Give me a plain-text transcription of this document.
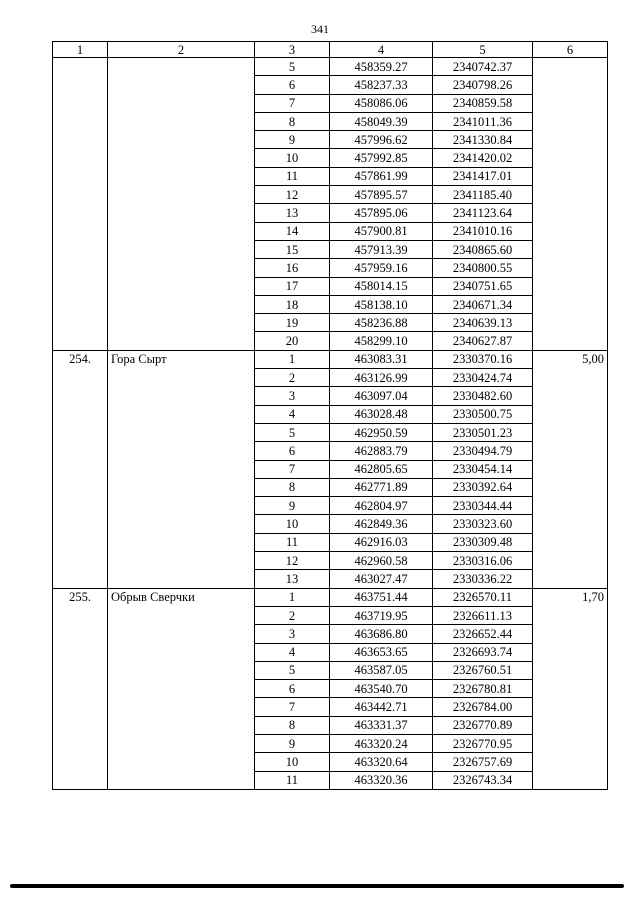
341
1	2	3	4	5	6
		5	458359.27	2340742.37	
		6	458237.33	2340798.26	
		7	458086.06	2340859.58	
		8	458049.39	2341011.36	
		9	457996.62	2341330.84	
		10	457992.85	2341420.02	
		11	457861.99	2341417.01	
		12	457895.57	2341185.40	
		13	457895.06	2341123.64	
		14	457900.81	2341010.16	
		15	457913.39	2340865.60	
		16	457959.16	2340800.55	
		17	458014.15	2340751.65	
		18	458138.10	2340671.34	
		19	458236.88	2340639.13	
		20	458299.10	2340627.87	
254.	Гора Сырт	1	463083.31	2330370.16	5,00
		2	463126.99	2330424.74	
		3	463097.04	2330482.60	
		4	463028.48	2330500.75	
		5	462950.59	2330501.23	
		6	462883.79	2330494.79	
		7	462805.65	2330454.14	
		8	462771.89	2330392.64	
		9	462804.97	2330344.44	
		10	462849.36	2330323.60	
		11	462916.03	2330309.48	
		12	462960.58	2330316.06	
		13	463027.47	2330336.22	
255.	Обрыв Сверчки	1	463751.44	2326570.11	1,70
		2	463719.95	2326611.13	
		3	463686.80	2326652.44	
		4	463653.65	2326693.74	
		5	463587.05	2326760.51	
		6	463540.70	2326780.81	
		7	463442.71	2326784.00	
		8	463331.37	2326770.89	
		9	463320.24	2326770.95	
		10	463320.64	2326757.69	
		11	463320.36	2326743.34	
